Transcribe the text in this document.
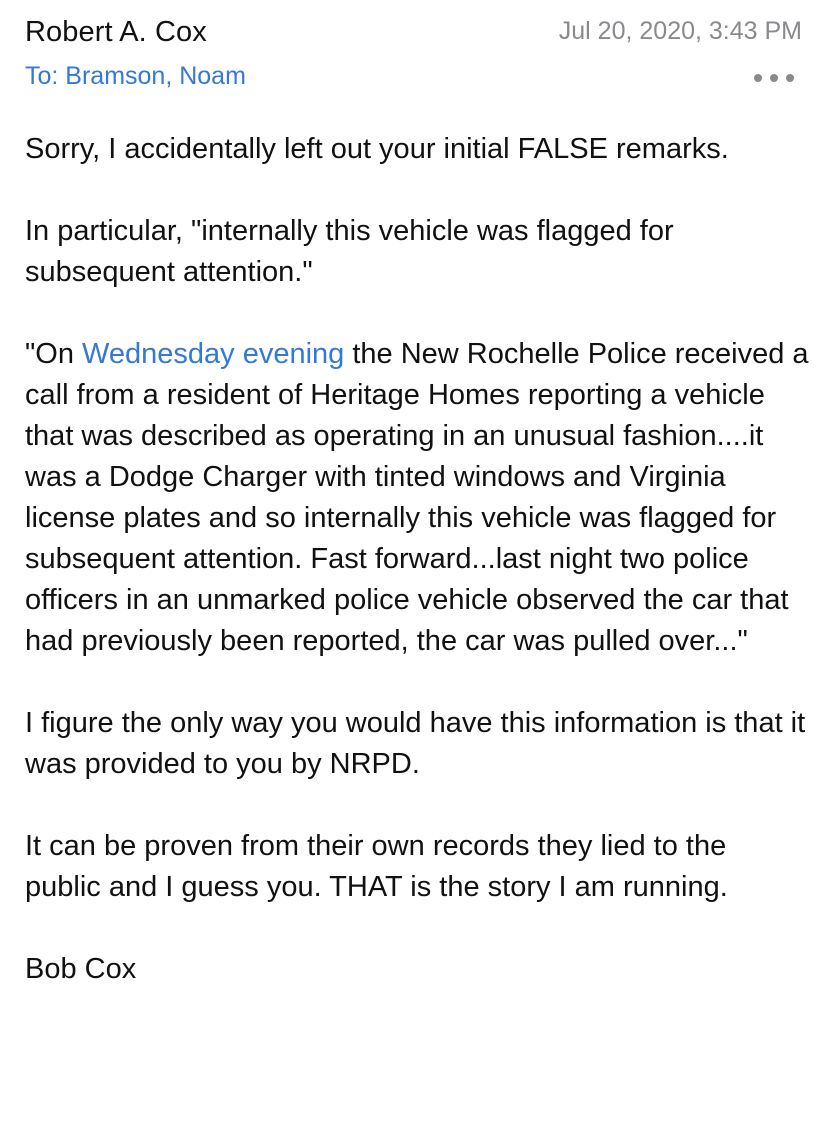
Robert A. Cox	Jul 20, 2020, 3:43 PM
To: Bramson, Noam

Sorry, I accidentally left out your initial FALSE remarks.

In particular, "internally this vehicle was flagged for subsequent attention."

"On Wednesday evening the New Rochelle Police received a call from a resident of Heritage Homes reporting a vehicle that was described as operating in an unusual fashion....it was a Dodge Charger with tinted windows and Virginia license plates and so internally this vehicle was flagged for subsequent attention. Fast forward...last night two police officers in an unmarked police vehicle observed the car that had previously been reported, the car was pulled over..."

I figure the only way you would have this information is that it was provided to you by NRPD.

It can be proven from their own records they lied to the public and I guess you. THAT is the story I am running.

Bob Cox
